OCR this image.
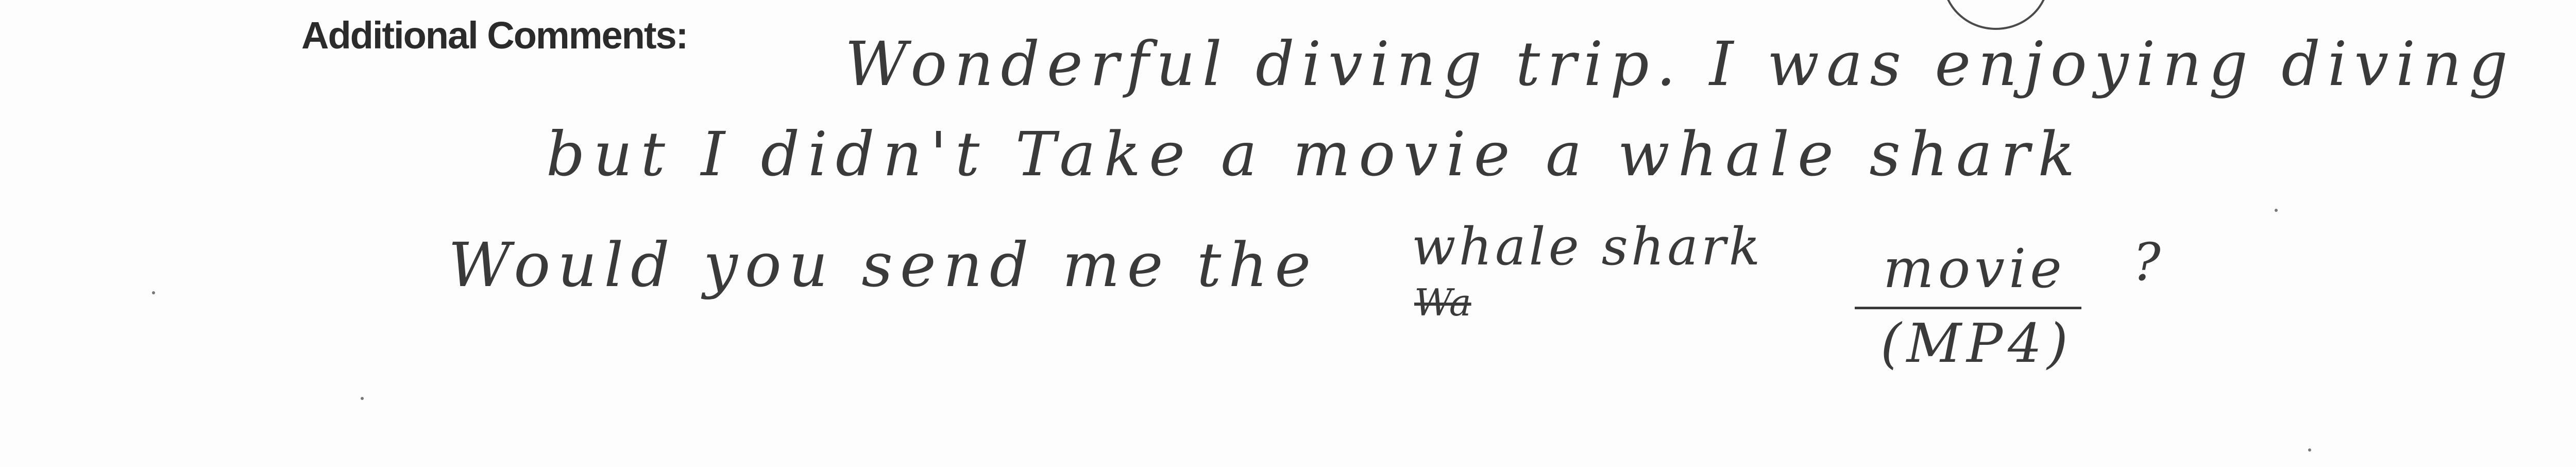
Additional Comments:	Wonderful diving trip. I was enjoying diving

but I didn't Take a movie a whale shark

Would you send me the whale shark
Wa
movie
(MP4)
?
